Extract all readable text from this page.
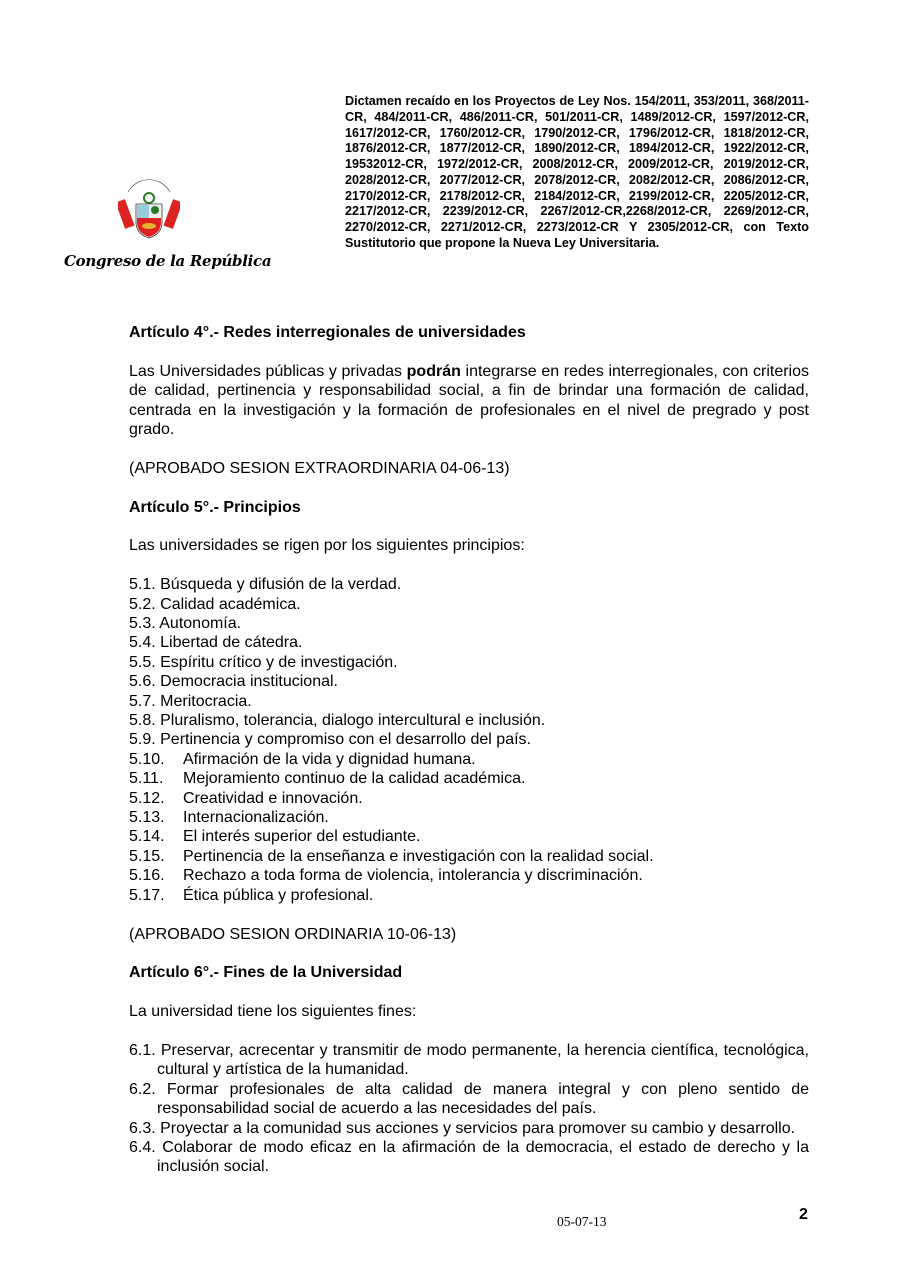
Dictamen recaído en los Proyectos de Ley Nos. 154/2011, 353/2011, 368/2011-CR, 484/2011-CR, 486/2011-CR, 501/2011-CR, 1489/2012-CR, 1597/2012-CR, 1617/2012-CR, 1760/2012-CR, 1790/2012-CR, 1796/2012-CR, 1818/2012-CR, 1876/2012-CR, 1877/2012-CR, 1890/2012-CR, 1894/2012-CR, 1922/2012-CR, 19532012-CR, 1972/2012-CR, 2008/2012-CR, 2009/2012-CR, 2019/2012-CR, 2028/2012-CR, 2077/2012-CR, 2078/2012-CR, 2082/2012-CR, 2086/2012-CR, 2170/2012-CR, 2178/2012-CR, 2184/2012-CR, 2199/2012-CR, 2205/2012-CR, 2217/2012-CR, 2239/2012-CR, 2267/2012-CR,2268/2012-CR, 2269/2012-CR, 2270/2012-CR, 2271/2012-CR, 2273/2012-CR Y 2305/2012-CR, con Texto Sustitutorio que propone la Nueva Ley Universitaria.
Congreso de la República

Artículo 4°.- Redes interregionales de universidades

Las Universidades públicas y privadas podrán integrarse en redes interregionales, con criterios de calidad, pertinencia y responsabilidad social, a fin de brindar una formación de calidad, centrada en la investigación y la formación de profesionales en el nivel de pregrado y post grado.

(APROBADO SESION EXTRAORDINARIA 04-06-13)

Artículo 5°.- Principios

Las universidades se rigen por los siguientes principios:

5.1. Búsqueda y difusión de la verdad.

5.2. Calidad académica.

5.3. Autonomía.

5.4. Libertad de cátedra.

5.5. Espíritu crítico y de investigación.

5.6. Democracia institucional.

5.7. Meritocracia.

5.8. Pluralismo, tolerancia, dialogo intercultural e inclusión.

5.9. Pertinencia y compromiso con el desarrollo del país.

5.10.	Afirmación de la vida y dignidad humana.
5.11.	Mejoramiento continuo de la calidad académica.
5.12.	Creatividad e innovación.
5.13.	Internacionalización.
5.14.	El interés superior del estudiante.
5.15.	Pertinencia de la enseñanza e investigación con la realidad social.
5.16.	Rechazo a toda forma de violencia, intolerancia y discriminación.
5.17.	Ética pública y profesional.

(APROBADO SESION ORDINARIA 10-06-13)

Artículo 6°.- Fines de la Universidad

La universidad tiene los siguientes fines:

6.1. Preservar, acrecentar y transmitir de modo permanente, la herencia científica, tecnológica, cultural y artística de la humanidad.

6.2. Formar profesionales de alta calidad de manera integral y con pleno sentido de responsabilidad social de acuerdo a las necesidades del país.

6.3. Proyectar a la comunidad sus acciones y servicios para promover su cambio y desarrollo.

6.4. Colaborar de modo eficaz en la afirmación de la democracia, el estado de derecho y la inclusión social.

05-07-13	2
